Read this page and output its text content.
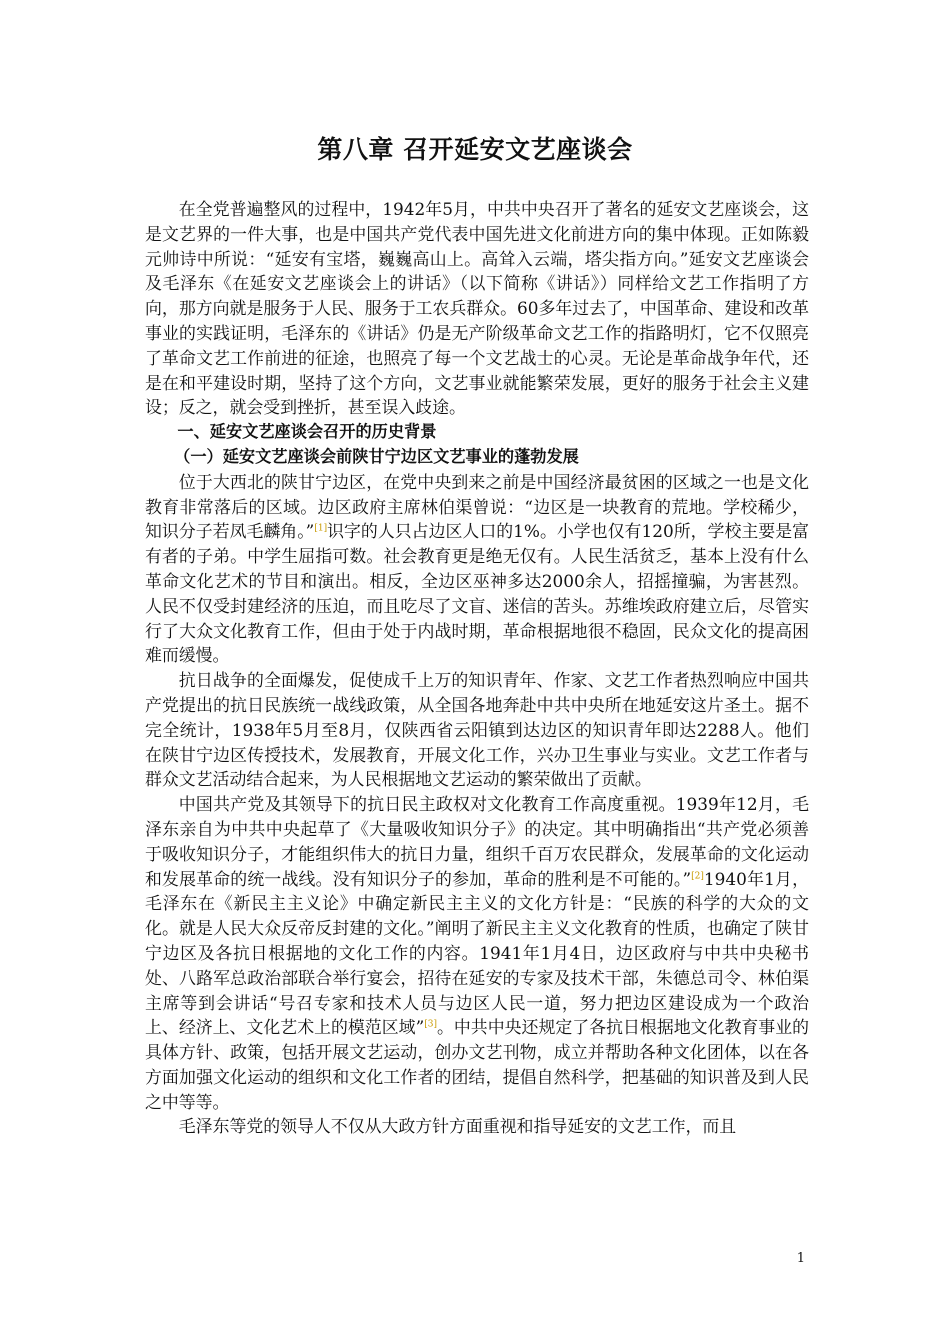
第八章 召开延安文艺座谈会

在全党普遍整风的过程中，1942年5月，中共中央召开了著名的延安文艺座谈会，这是文艺界的一件大事，也是中国共产党代表中国先进文化前进方向的集中体现。正如陈毅元帅诗中所说：“延安有宝塔，巍巍高山上。高耸入云端，塔尖指方向。”延安文艺座谈会及毛泽东《在延安文艺座谈会上的讲话》（以下简称《讲话》）同样给文艺工作指明了方向，那方向就是服务于人民、服务于工农兵群众。60多年过去了，中国革命、建设和改革事业的实践证明，毛泽东的《讲话》仍是无产阶级革命文艺工作的指路明灯，它不仅照亮了革命文艺工作前进的征途，也照亮了每一个文艺战士的心灵。无论是革命战争年代，还是在和平建设时期，坚持了这个方向，文艺事业就能繁荣发展，更好的服务于社会主义建设；反之，就会受到挫折，甚至误入歧途。

一、延安文艺座谈会召开的历史背景

（一）延安文艺座谈会前陕甘宁边区文艺事业的蓬勃发展

位于大西北的陕甘宁边区，在党中央到来之前是中国经济最贫困的区域之一也是文化教育非常落后的区域。边区政府主席林伯渠曾说：“边区是一块教育的荒地。学校稀少，知识分子若凤毛麟角。”[1]识字的人只占边区人口的1%。小学也仅有120所，学校主要是富有者的子弟。中学生屈指可数。社会教育更是绝无仅有。人民生活贫乏，基本上没有什么革命文化艺术的节目和演出。相反，全边区巫神多达2000余人，招摇撞骗，为害甚烈。人民不仅受封建经济的压迫，而且吃尽了文盲、迷信的苦头。苏维埃政府建立后，尽管实行了大众文化教育工作，但由于处于内战时期，革命根据地很不稳固，民众文化的提高困难而缓慢。

抗日战争的全面爆发，促使成千上万的知识青年、作家、文艺工作者热烈响应中国共产党提出的抗日民族统一战线政策，从全国各地奔赴中共中央所在地延安这片圣土。据不完全统计，1938年5月至8月，仅陕西省云阳镇到达边区的知识青年即达2288人。他们在陕甘宁边区传授技术，发展教育，开展文化工作，兴办卫生事业与实业。文艺工作者与群众文艺活动结合起来，为人民根据地文艺运动的繁荣做出了贡献。

中国共产党及其领导下的抗日民主政权对文化教育工作高度重视。1939年12月，毛泽东亲自为中共中央起草了《大量吸收知识分子》的决定。其中明确指出“共产党必须善于吸收知识分子，才能组织伟大的抗日力量，组织千百万农民群众，发展革命的文化运动和发展革命的统一战线。没有知识分子的参加，革命的胜利是不可能的。”[2]1940年1月，毛泽东在《新民主主义论》中确定新民主主义的文化方针是：“民族的科学的大众的文化。就是人民大众反帝反封建的文化。”阐明了新民主主义文化教育的性质，也确定了陕甘宁边区及各抗日根据地的文化工作的内容。1941年1月4日，边区政府与中共中央秘书处、八路军总政治部联合举行宴会，招待在延安的专家及技术干部，朱德总司令、林伯渠主席等到会讲话“号召专家和技术人员与边区人民一道，努力把边区建设成为一个政治上、经济上、文化艺术上的模范区域”[3]。中共中央还规定了各抗日根据地文化教育事业的具体方针、政策，包括开展文艺运动，创办文艺刊物，成立并帮助各种文化团体，以在各方面加强文化运动的组织和文化工作者的团结，提倡自然科学，把基础的知识普及到人民之中等等。

毛泽东等党的领导人不仅从大政方针方面重视和指导延安的文艺工作，而且

1
